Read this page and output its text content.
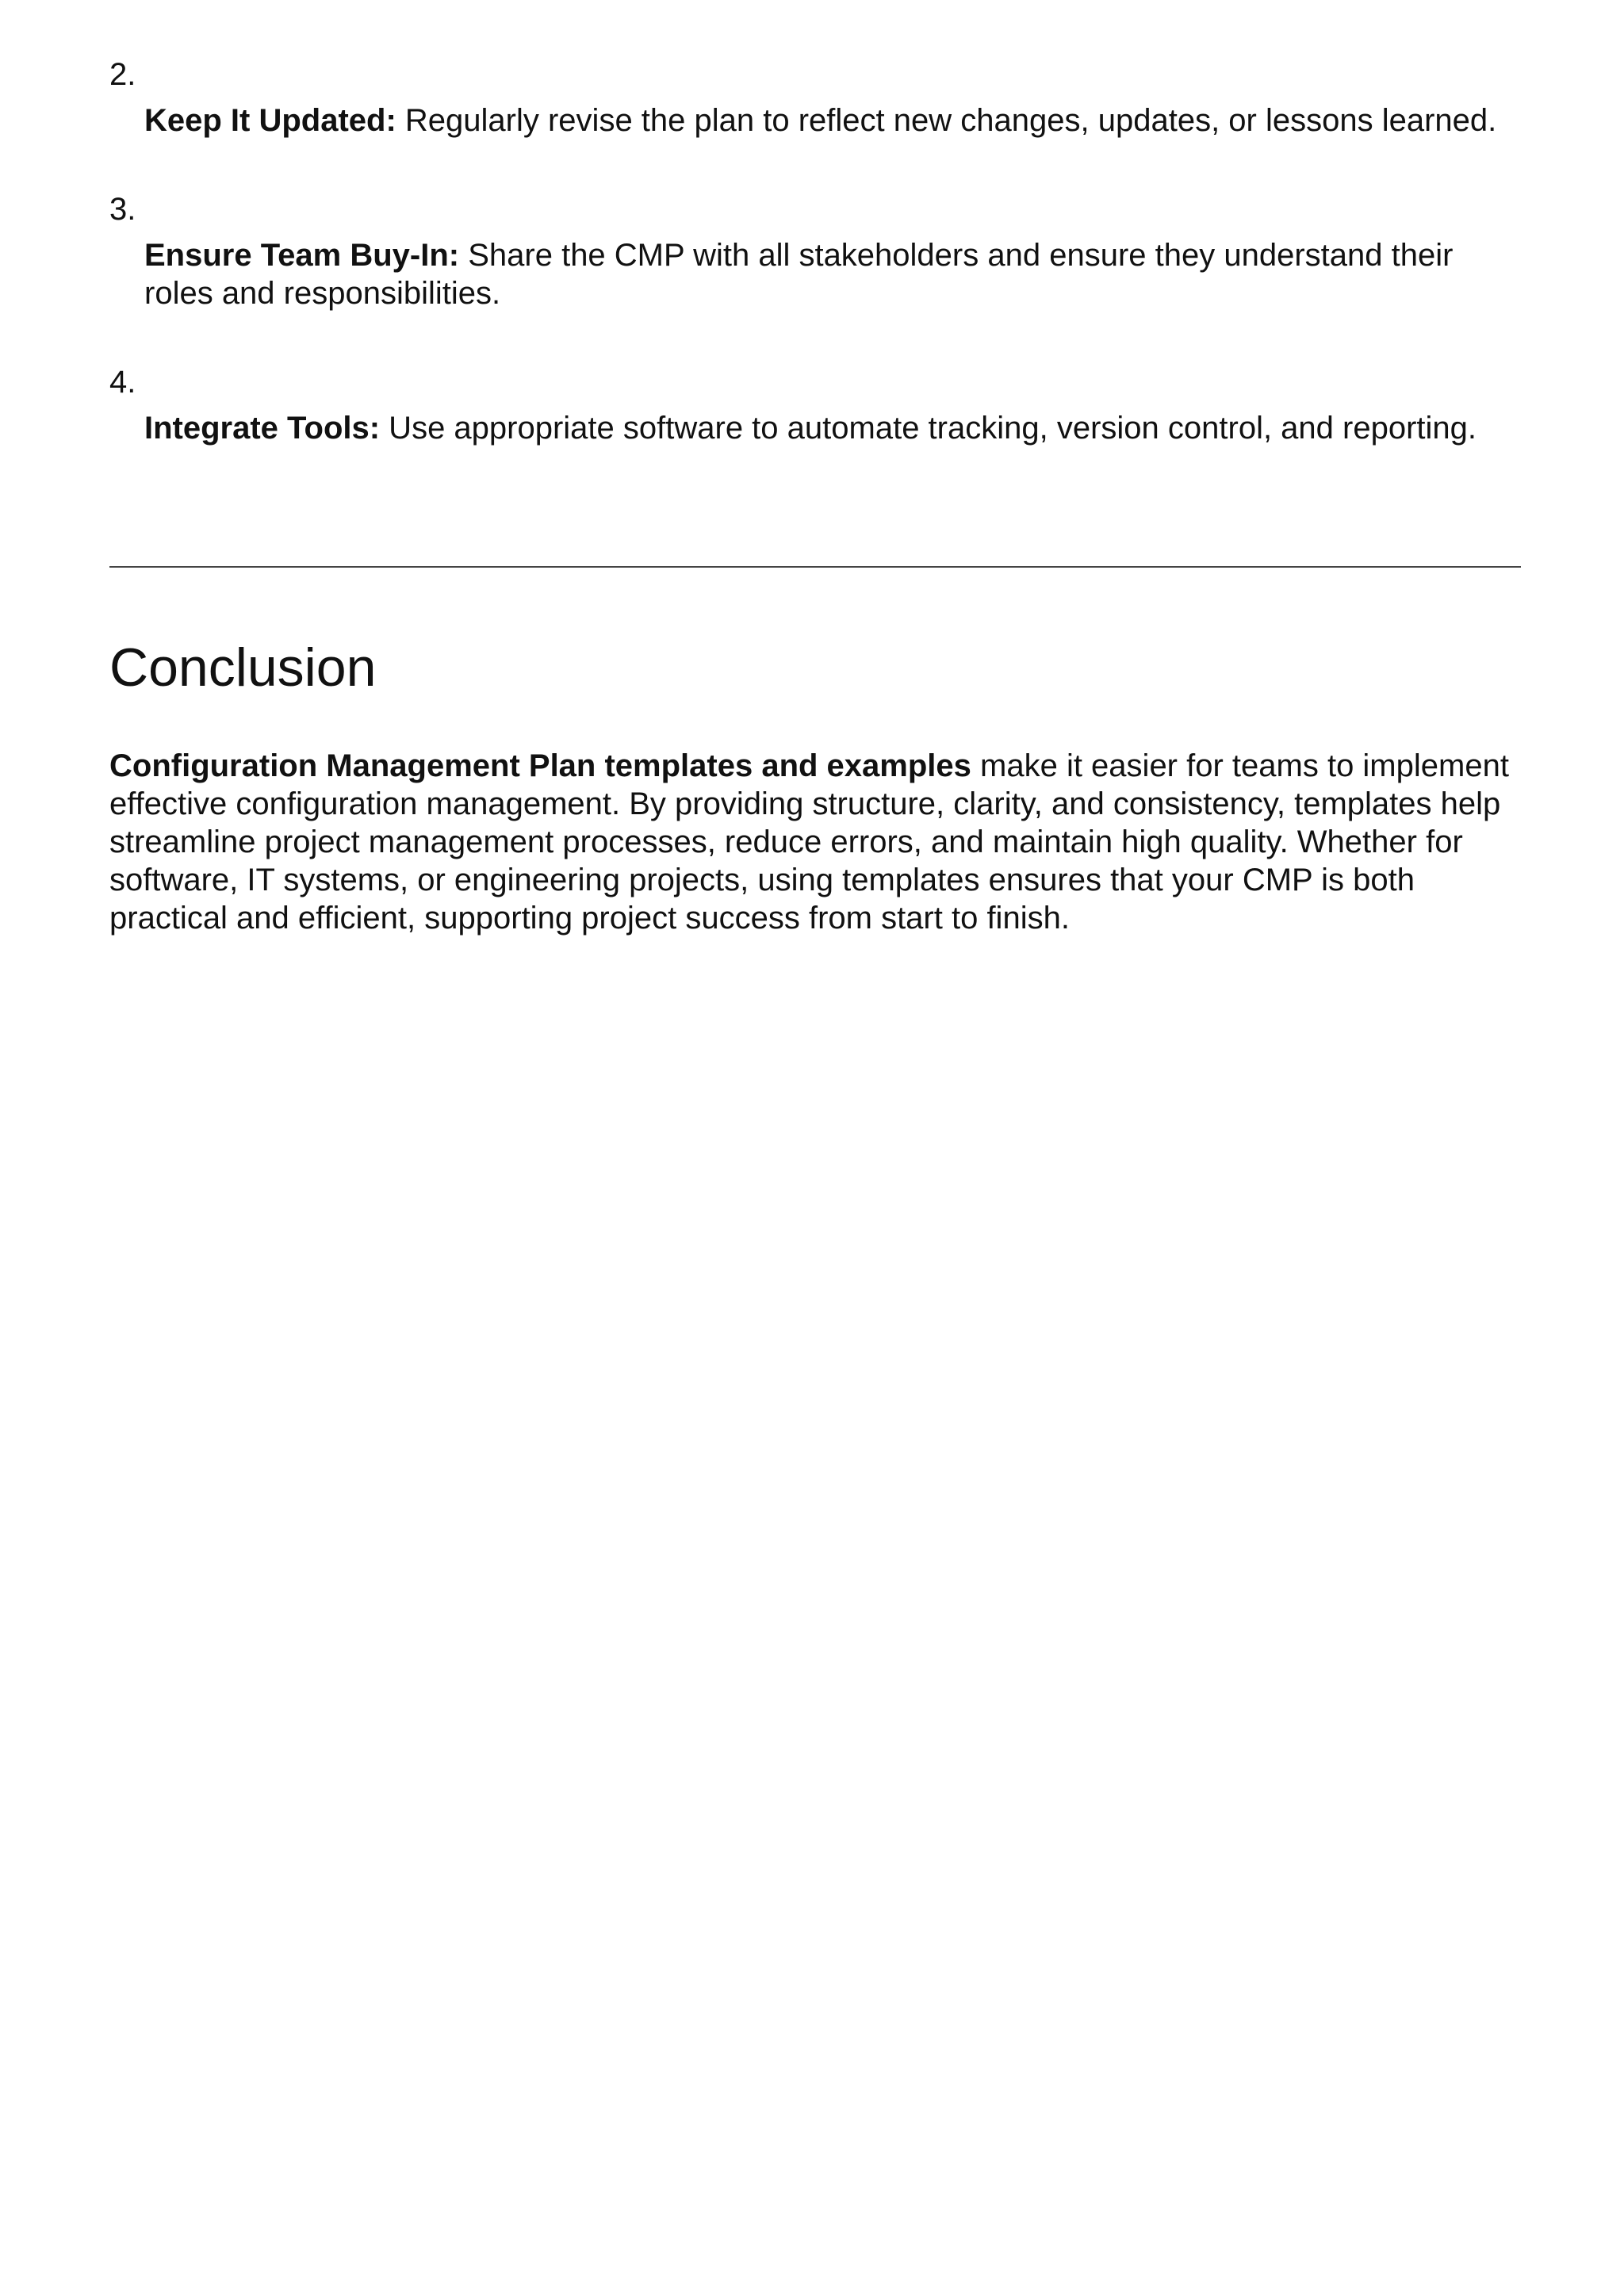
2.
Keep It Updated: Regularly revise the plan to reflect new changes, updates, or lessons learned.
3.
Ensure Team Buy-In: Share the CMP with all stakeholders and ensure they understand their roles and responsibilities.
4.
Integrate Tools: Use appropriate software to automate tracking, version control, and reporting.
Conclusion

Configuration Management Plan templates and examples make it easier for teams to implement effective configuration management. By providing structure, clarity, and consistency, templates help streamline project management processes, reduce errors, and maintain high quality. Whether for software, IT systems, or engineering projects, using templates ensures that your CMP is both practical and efficient, supporting project success from start to finish.
